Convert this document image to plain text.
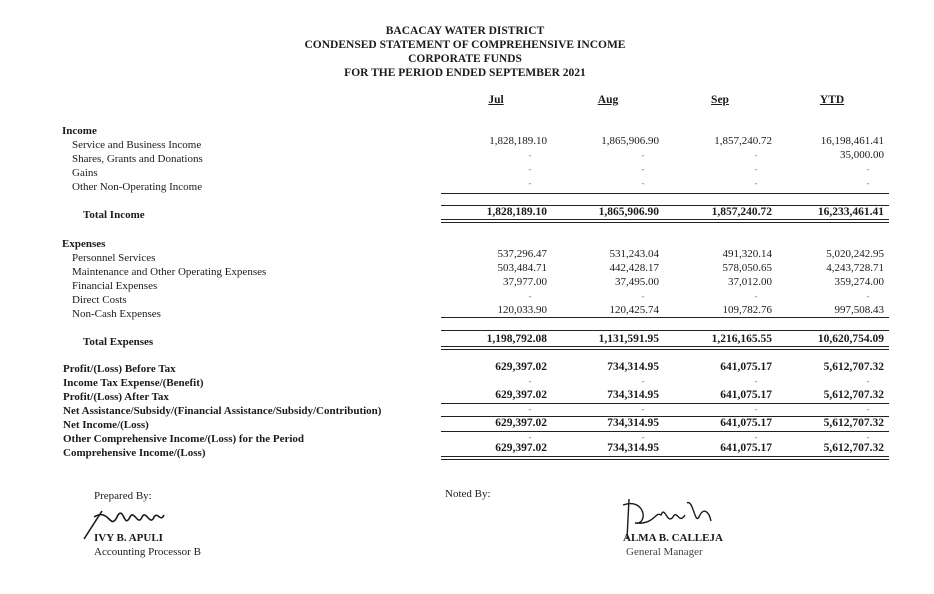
BACACAY WATER DISTRICT
CONDENSED STATEMENT OF COMPREHENSIVE INCOME
CORPORATE FUNDS
FOR THE PERIOD ENDED SEPTEMBER 2021
Jul	Aug	Sep	YTD
Income
Service and Business Income	1,828,189.10	1,865,906.90	1,857,240.72	16,198,461.41
Shares, Grants and Donations	-	-	-	35,000.00
Gains	-	-	-	-
Other Non-Operating Income	-	-	-	-
Total Income	1,828,189.10	1,865,906.90	1,857,240.72	16,233,461.41
Expenses
Personnel Services	537,296.47	531,243.04	491,320.14	5,020,242.95
Maintenance and Other Operating Expenses	503,484.71	442,428.17	578,050.65	4,243,728.71
Financial Expenses	37,977.00	37,495.00	37,012.00	359,274.00
Direct Costs	-	-	-	-
Non-Cash Expenses	120,033.90	120,425.74	109,782.76	997,508.43
Total Expenses	1,198,792.08	1,131,591.95	1,216,165.55	10,620,754.09
Profit/(Loss) Before Tax	629,397.02	734,314.95	641,075.17	5,612,707.32
Income Tax Expense/(Benefit)	-	-	-	-
Profit/(Loss) After Tax	629,397.02	734,314.95	641,075.17	5,612,707.32
Net Assistance/Subsidy/(Financial Assistance/Subsidy/Contribution)	-	-	-	-
Net Income/(Loss)	629,397.02	734,314.95	641,075.17	5,612,707.32
Other Comprehensive Income/(Loss) for the Period	-	-	-	-
Comprehensive Income/(Loss)	629,397.02	734,314.95	641,075.17	5,612,707.32
Prepared By:
IVY B. APULI
Accounting Processor B
Noted By:
ALMA B. CALLEJA
General Manager
